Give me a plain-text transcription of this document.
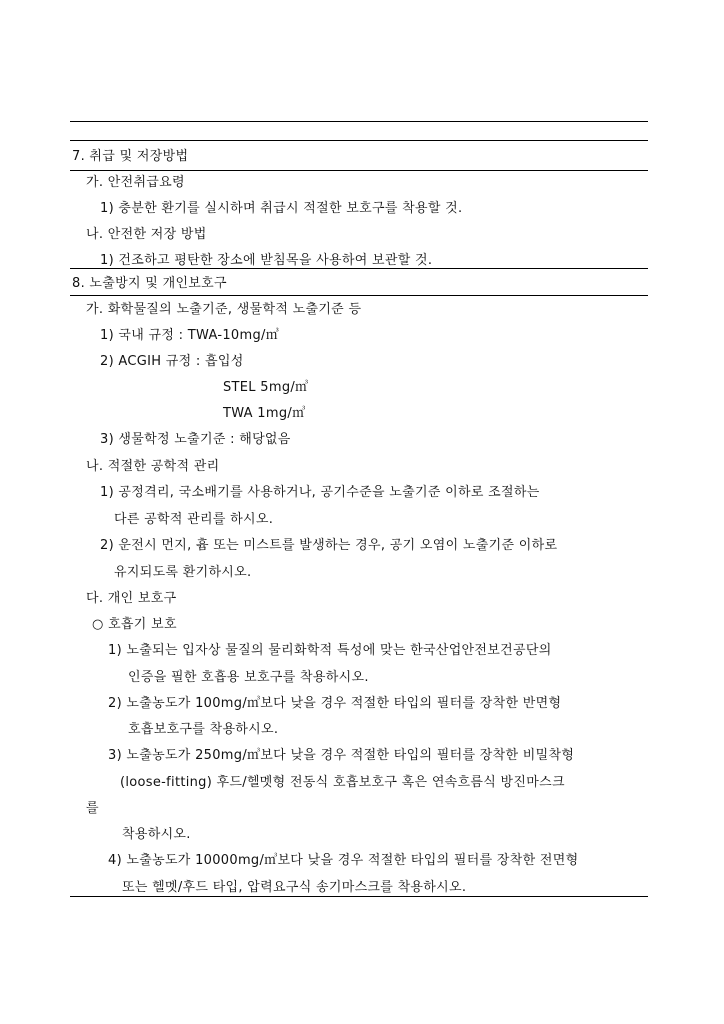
7. 취급 및 저장방법
가. 안전취급요령
1) 충분한 환기를 실시하며 취급시 적절한 보호구를 착용할 것.
나. 안전한 저장 방법
1) 건조하고 평탄한 장소에 받침목을 사용하여 보관할 것.
8. 노출방지 및 개인보호구
가. 화학물질의 노출기준, 생물학적 노출기준 등
1) 국내 규정 : TWA-10mg/㎥
2) ACGIH 규정 : 흡입성
STEL 5mg/㎥
TWA 1mg/㎥
3) 생물학정 노출기준 : 해당없음
나. 적절한 공학적 관리
1) 공정격리, 국소배기를 사용하거나, 공기수준을 노출기준 이하로 조절하는
다른 공학적 관리를 하시오.
2) 운전시 먼지, 흄 또는 미스트를 발생하는 경우, 공기 오염이 노출기준 이하로
유지되도록 환기하시오.
다. 개인 보호구
○ 호흡기 보호
1) 노출되는 입자상 물질의 물리화학적 특성에 맞는 한국산업안전보건공단의
인증을 필한 호흡용 보호구를 착용하시오.
2) 노출농도가 100mg/㎥보다 낮을 경우 적절한 타입의 필터를 장착한 반면형
호흡보호구를 착용하시오.
3) 노출농도가 250mg/㎥보다 낮을 경우 적절한 타입의 필터를 장착한 비밀착형
(loose-fitting) 후드/헬멧형 전동식 호흡보호구 혹은 연속흐름식 방진마스크
를
착용하시오.
4) 노출농도가 10000mg/㎥보다 낮을 경우 적절한 타입의 필터를 장착한 전면형
또는 헬멧/후드 타입, 압력요구식 송기마스크를 착용하시오.
